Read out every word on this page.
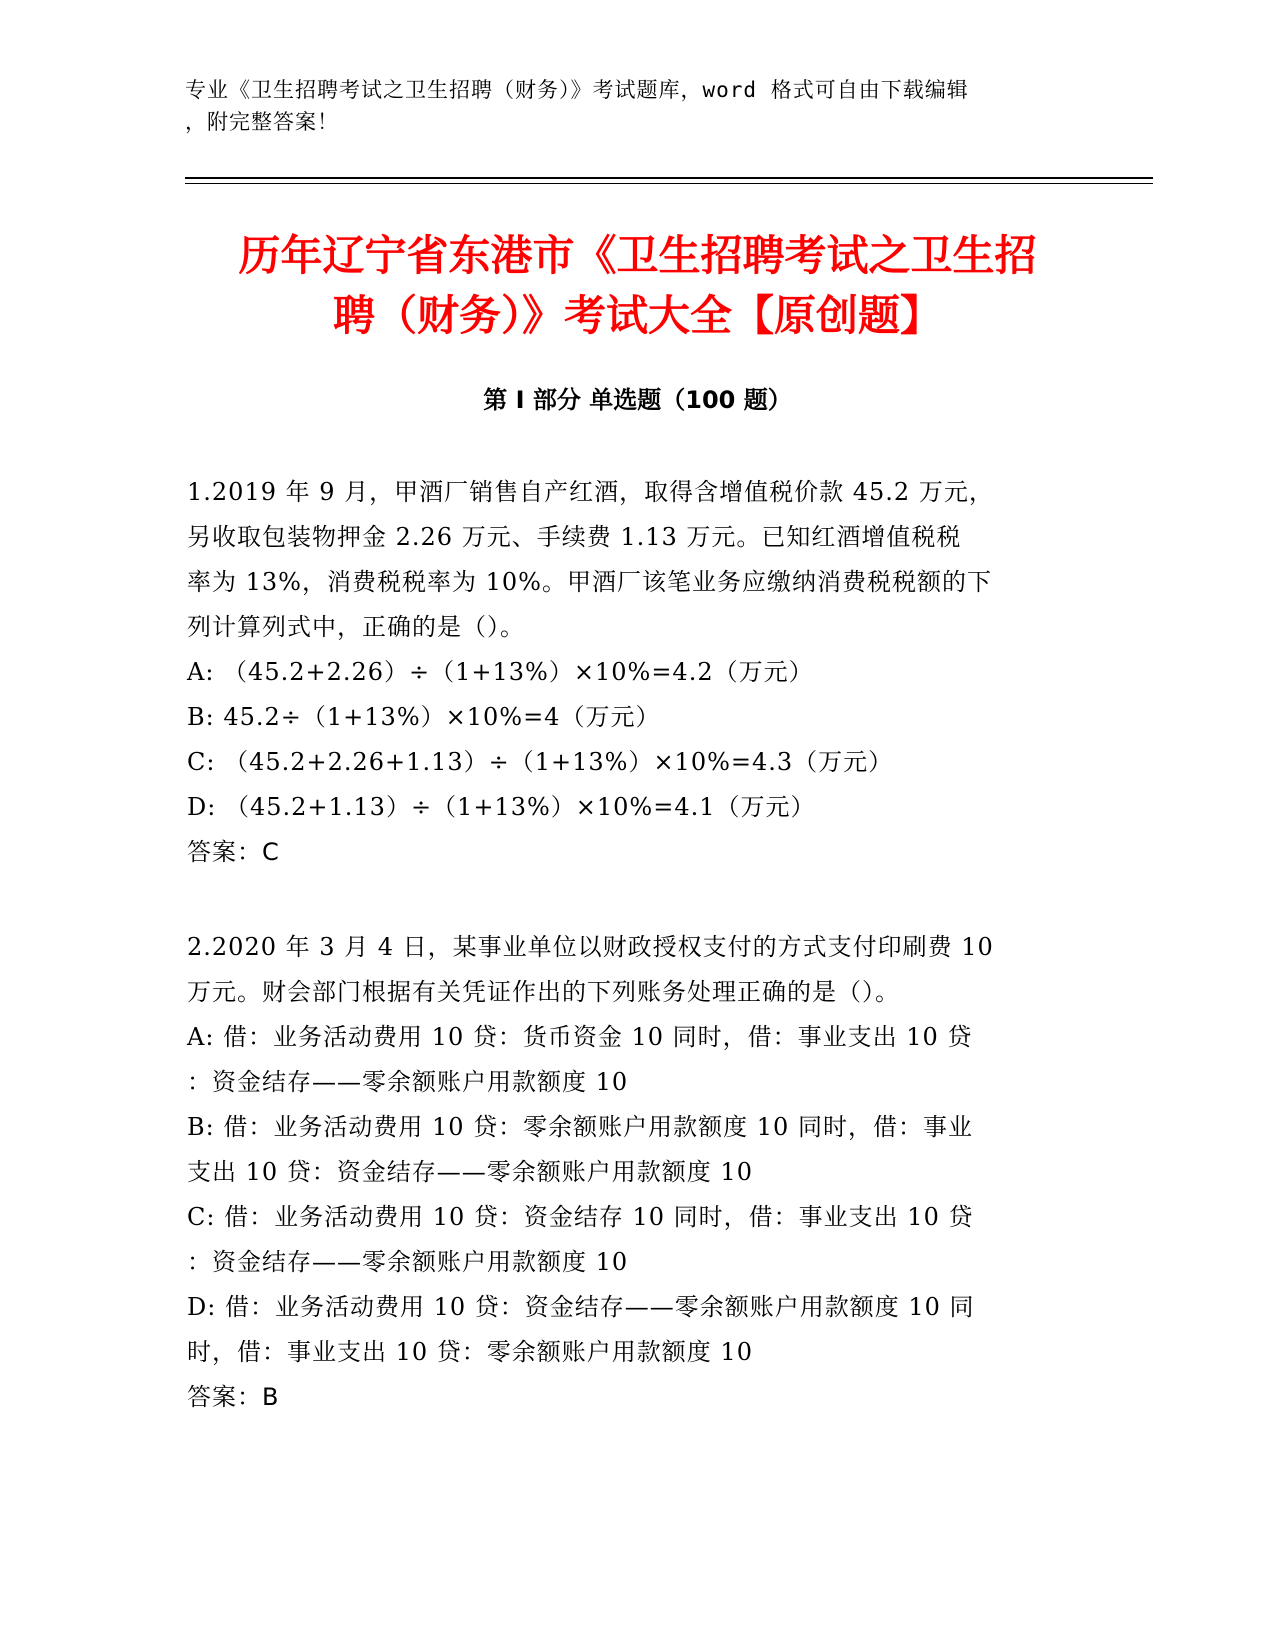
专业《卫生招聘考试之卫生招聘（财务）》考试题库，word 格式可自由下载编辑
，附完整答案！
历年辽宁省东港市《卫生招聘考试之卫生招
聘（财务）》考试大全【原创题】
第 I 部分 单选题（100 题）
1.2019 年 9 月，甲酒厂销售自产红酒，取得含增值税价款 45.2 万元，
另收取包装物押金 2.26 万元、手续费 1.13 万元。已知红酒增值税税
率为 13%，消费税税率为 10%。甲酒厂该笔业务应缴纳消费税税额的下
列计算列式中，正确的是（）。
A: （45.2+2.26）÷（1+13%）×10%=4.2（万元）
B: 45.2÷（1+13%）×10%=4（万元）
C: （45.2+2.26+1.13）÷（1+13%）×10%=4.3（万元）
D: （45.2+1.13）÷（1+13%）×10%=4.1（万元）
答案：C
2.2020 年 3 月 4 日，某事业单位以财政授权支付的方式支付印刷费 10
万元。财会部门根据有关凭证作出的下列账务处理正确的是（）。
A: 借：业务活动费用 10 贷：货币资金 10 同时，借：事业支出 10 贷
：资金结存——零余额账户用款额度 10
B: 借：业务活动费用 10 贷：零余额账户用款额度 10 同时，借：事业
支出 10 贷：资金结存——零余额账户用款额度 10
C: 借：业务活动费用 10 贷：资金结存 10 同时，借：事业支出 10 贷
：资金结存——零余额账户用款额度 10
D: 借：业务活动费用 10 贷：资金结存——零余额账户用款额度 10 同
时，借：事业支出 10 贷：零余额账户用款额度 10
答案：B
